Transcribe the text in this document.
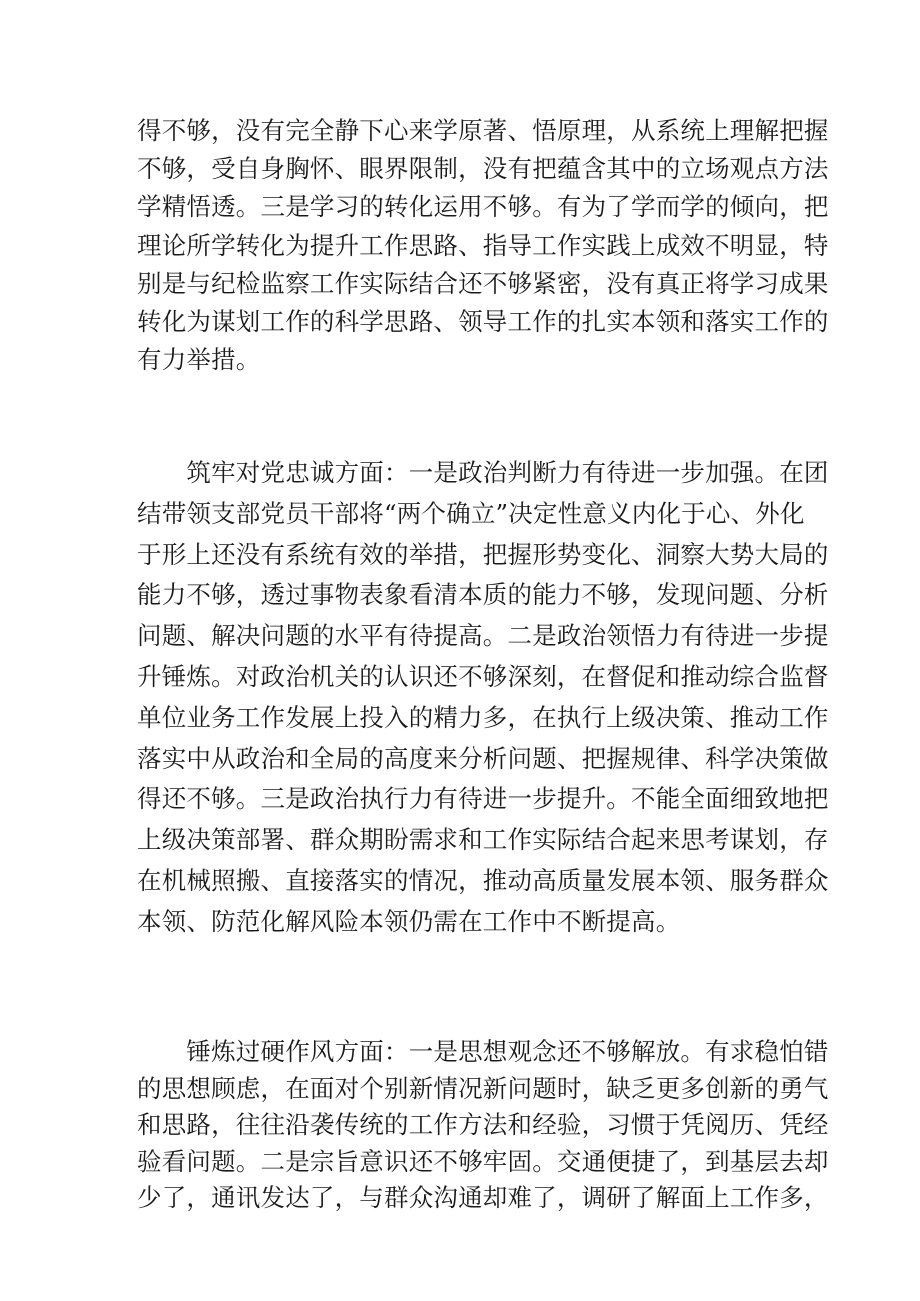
得不够，没有完全静下心来学原著、悟原理，从系统上理解把握
不够，受自身胸怀、眼界限制，没有把蕴含其中的立场观点方法
学精悟透。三是学习的转化运用不够。有为了学而学的倾向，把
理论所学转化为提升工作思路、指导工作实践上成效不明显，特
别是与纪检监察工作实际结合还不够紧密，没有真正将学习成果
转化为谋划工作的科学思路、领导工作的扎实本领和落实工作的
有力举措。

　　筑牢对党忠诚方面：一是政治判断力有待进一步加强。在团
结带领支部党员干部将“两个确立”决定性意义内化于心、外化
于形上还没有系统有效的举措，把握形势变化、洞察大势大局的
能力不够，透过事物表象看清本质的能力不够，发现问题、分析
问题、解决问题的水平有待提高。二是政治领悟力有待进一步提
升锤炼。对政治机关的认识还不够深刻，在督促和推动综合监督
单位业务工作发展上投入的精力多，在执行上级决策、推动工作
落实中从政治和全局的高度来分析问题、把握规律、科学决策做
得还不够。三是政治执行力有待进一步提升。不能全面细致地把
上级决策部署、群众期盼需求和工作实际结合起来思考谋划，存
在机械照搬、直接落实的情况，推动高质量发展本领、服务群众
本领、防范化解风险本领仍需在工作中不断提高。

　　锤炼过硬作风方面：一是思想观念还不够解放。有求稳怕错
的思想顾虑，在面对个别新情况新问题时，缺乏更多创新的勇气
和思路，往往沿袭传统的工作方法和经验，习惯于凭阅历、凭经
验看问题。二是宗旨意识还不够牢固。交通便捷了，到基层去却
少了，通讯发达了，与群众沟通却难了，调研了解面上工作多，
